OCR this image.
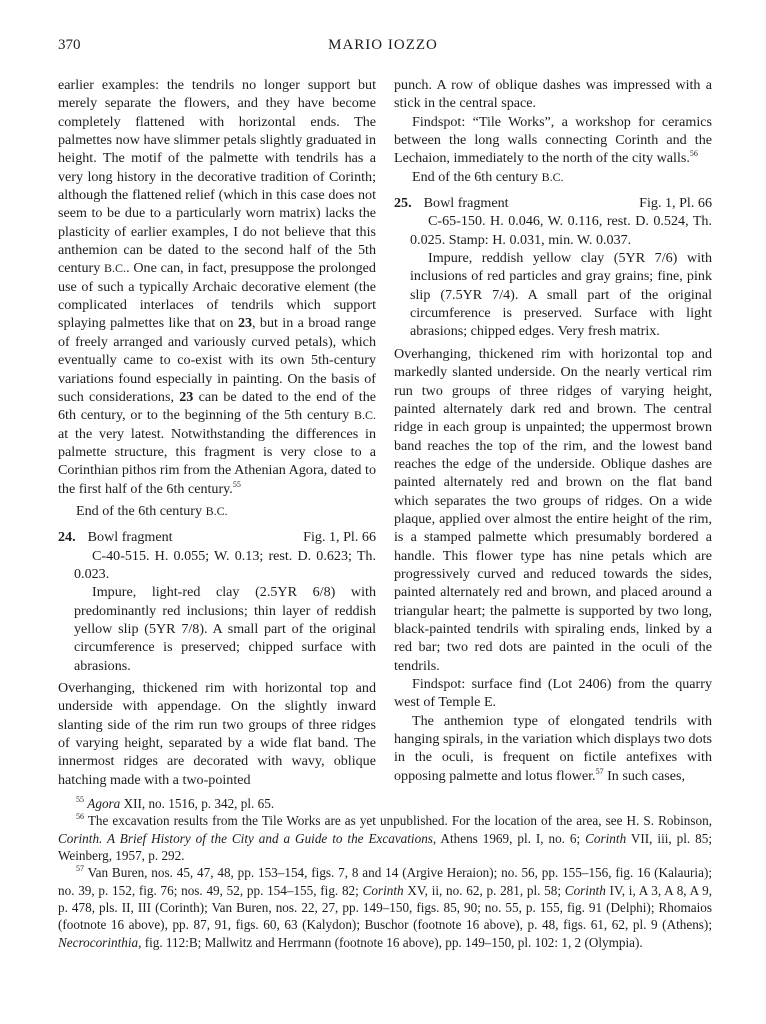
370	MARIO IOZZO

earlier examples: the tendrils no longer support but merely separate the flowers, and they have become completely flattened with horizontal ends. The palmettes now have slimmer petals slightly graduated in height. The motif of the palmette with tendrils has a very long history in the decorative tradition of Corinth; although the flattened relief (which in this case does not seem to be due to a particularly worn matrix) lacks the plasticity of earlier examples, I do not believe that this anthemion can be dated to the second half of the 5th century B.C.. One can, in fact, presuppose the prolonged use of such a typically Archaic decorative element (the complicated interlaces of tendrils which support splaying palmettes like that on 23, but in a broad range of freely arranged and variously curved petals), which eventually came to co-exist with its own 5th-century variations found especially in painting. On the basis of such considerations, 23 can be dated to the end of the 6th century, or to the beginning of the 5th century B.C. at the very latest. Notwithstanding the differences in palmette structure, this fragment is very close to a Corinthian pithos rim from the Athenian Agora, dated to the first half of the 6th century.$^{55}$

End of the 6th century B.C.

24. Bowl fragment	Fig. 1, Pl. 66

C-40-515. H. 0.055; W. 0.13; rest. D. 0.623; Th. 0.023.

Impure, light-red clay (2.5YR 6/8) with predominantly red inclusions; thin layer of reddish yellow slip (5YR 7/8). A small part of the original circumference is preserved; chipped surface with abrasions.

Overhanging, thickened rim with horizontal top and underside with appendage. On the slightly inward slanting side of the rim run two groups of three ridges of varying height, separated by a wide flat band. The innermost ridges are decorated with wavy, oblique hatching made with a two-pointed

punch. A row of oblique dashes was impressed with a stick in the central space.

Findspot: “Tile Works”, a workshop for ceramics between the long walls connecting Corinth and the Lechaion, immediately to the north of the city walls.$^{56}$

End of the 6th century B.C.

25. Bowl fragment	Fig. 1, Pl. 66

C-65-150. H. 0.046, W. 0.116, rest. D. 0.524, Th. 0.025. Stamp: H. 0.031, min. W. 0.037.

Impure, reddish yellow clay (5YR 7/6) with inclusions of red particles and gray grains; fine, pink slip (7.5YR 7/4). A small part of the original circumference is preserved. Surface with light abrasions; chipped edges. Very fresh matrix.

Overhanging, thickened rim with horizontal top and markedly slanted underside. On the nearly vertical rim run two groups of three ridges of varying height, painted alternately dark red and brown. The central ridge in each group is unpainted; the uppermost brown band reaches the top of the rim, and the lowest band reaches the edge of the underside. Oblique dashes are painted alternately red and brown on the flat band which separates the two groups of ridges. On a wide plaque, applied over almost the entire height of the rim, is a stamped palmette which presumably bordered a handle. This flower type has nine petals which are progressively curved and reduced towards the sides, painted alternately red and brown, and placed around a triangular heart; the palmette is supported by two long, black-painted tendrils with spiraling ends, linked by a red bar; two red dots are painted in the oculi of the tendrils.

Findspot: surface find (Lot 2406) from the quarry west of Temple E.

The anthemion type of elongated tendrils with hanging spirals, in the variation which displays two dots in the oculi, is frequent on fictile antefixes with opposing palmette and lotus flower.$^{57}$ In such cases,

$^{55}$ Agora XII, no. 1516, p. 342, pl. 65.

$^{56}$ The excavation results from the Tile Works are as yet unpublished. For the location of the area, see H. S. Robinson, Corinth. A Brief History of the City and a Guide to the Excavations, Athens 1969, pl. I, no. 6; Corinth VII, iii, pl. 85; Weinberg, 1957, p. 292.

$^{57}$ Van Buren, nos. 45, 47, 48, pp. 153–154, figs. 7, 8 and 14 (Argive Heraion); no. 56, pp. 155–156, fig. 16 (Kalauria); no. 39, p. 152, fig. 76; nos. 49, 52, pp. 154–155, fig. 82; Corinth XV, ii, no. 62, p. 281, pl. 58; Corinth IV, i, A 3, A 8, A 9, p. 478, pls. II, III (Corinth); Van Buren, nos. 22, 27, pp. 149–150, figs. 85, 90; no. 55, p. 155, fig. 91 (Delphi); Rhomaios (footnote 16 above), pp. 87, 91, figs. 60, 63 (Kalydon); Buschor (footnote 16 above), p. 48, figs. 61, 62, pl. 9 (Athens); Necrocorinthia, fig. 112:B; Mallwitz and Herrmann (footnote 16 above), pp. 149–150, pl. 102: 1, 2 (Olympia).
